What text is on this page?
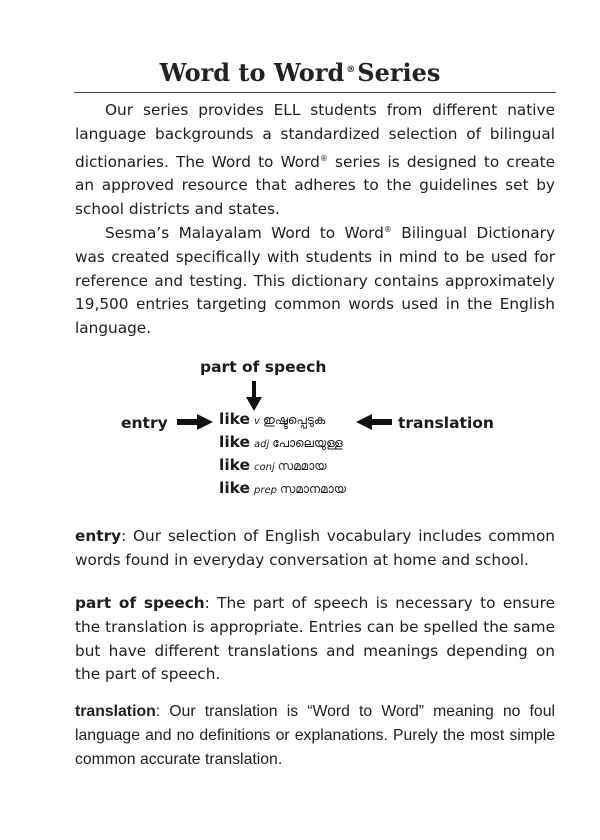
Word to Word ®Series

Our series provides ELL students from different native language backgrounds a standardized selection of bilingual dictionaries. The Word to Word® series is designed to create an approved resource that adheres to the guidelines set by school districts and states.

Sesma’s Malayalam Word to Word® Bilingual Dictionary was created specifically with students in mind to be used for reference and testing. This dictionary contains approximately 19,500 entries targeting common words used in the English language.

part of speech
entry	translation
like v ഇഷ്ടപ്പെടുക
like adj പോലെയുള്ള
like conj സമമായ
like prep സമാനമായ

entry: Our selection of English vocabulary includes common words found in everyday conversation at home and school.

part of speech: The part of speech is necessary to ensure the translation is appropriate. Entries can be spelled the same but have different translations and meanings depending on the part of speech.

translation: Our translation is “Word to Word” meaning no foul language and no definitions or explanations. Purely the most simple common accurate translation.
